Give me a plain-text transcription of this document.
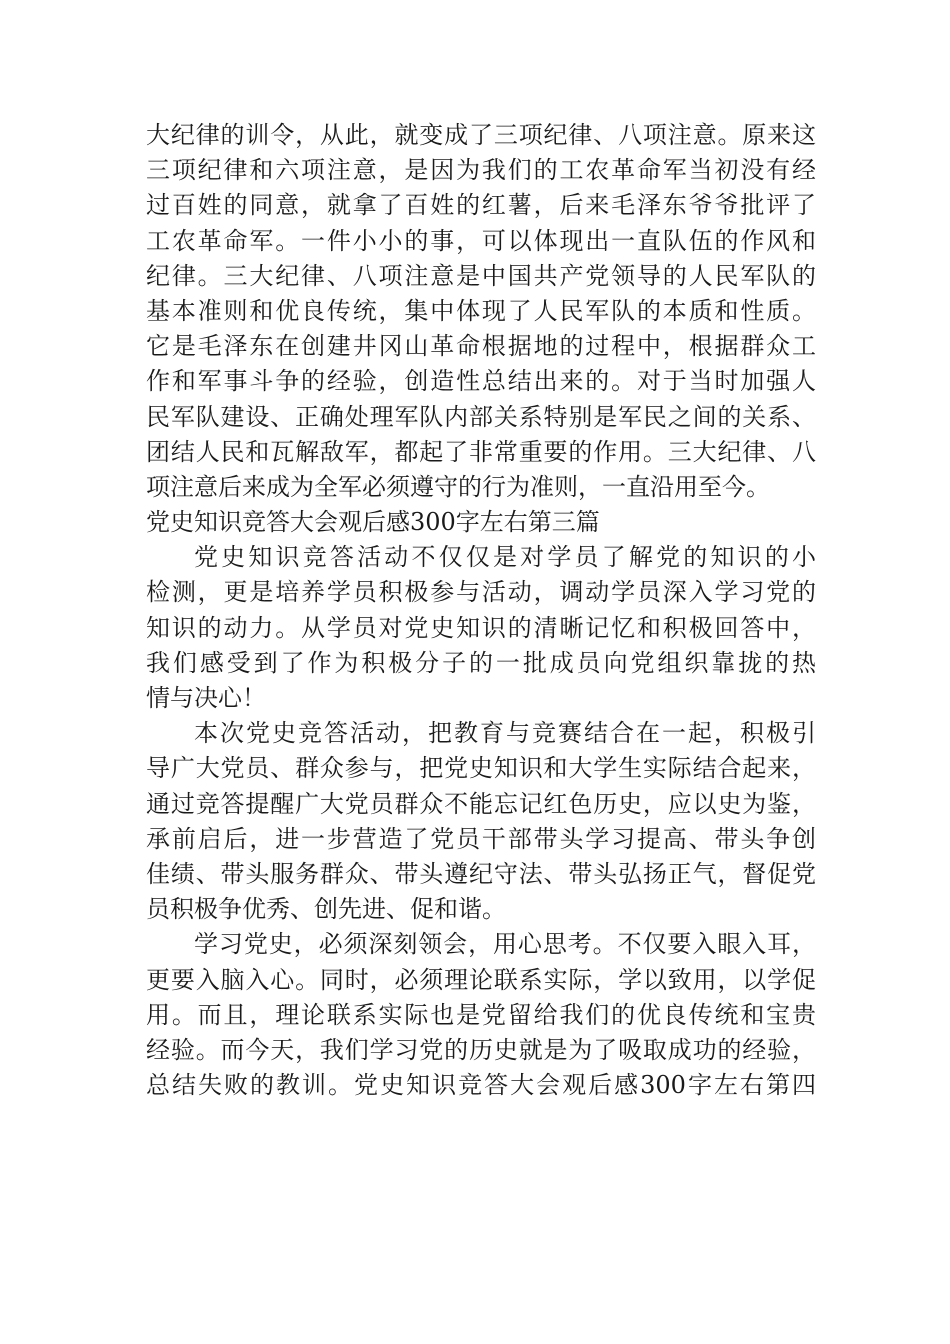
大纪律的训令，从此，就变成了三项纪律、八项注意。原来这
三项纪律和六项注意，是因为我们的工农革命军当初没有经
过百姓的同意，就拿了百姓的红薯，后来毛泽东爷爷批评了
工农革命军。一件小小的事，可以体现出一直队伍的作风和
纪律。三大纪律、八项注意是中国共产党领导的人民军队的
基本准则和优良传统，集中体现了人民军队的本质和性质。
它是毛泽东在创建井冈山革命根据地的过程中，根据群众工
作和军事斗争的经验，创造性总结出来的。对于当时加强人
民军队建设、正确处理军队内部关系特别是军民之间的关系、
团结人民和瓦解敌军，都起了非常重要的作用。三大纪律、八
项注意后来成为全军必须遵守的行为准则，一直沿用至今。
党史知识竞答大会观后感300字左右第三篇
党史知识竞答活动不仅仅是对学员了解党的知识的小
检测，更是培养学员积极参与活动，调动学员深入学习党的
知识的动力。从学员对党史知识的清晰记忆和积极回答中，
我们感受到了作为积极分子的一批成员向党组织靠拢的热
情与决心！
本次党史竞答活动，把教育与竞赛结合在一起，积极引
导广大党员、群众参与，把党史知识和大学生实际结合起来，
通过竞答提醒广大党员群众不能忘记红色历史，应以史为鉴，
承前启后，进一步营造了党员干部带头学习提高、带头争创
佳绩、带头服务群众、带头遵纪守法、带头弘扬正气，督促党
员积极争优秀、创先进、促和谐。
学习党史，必须深刻领会，用心思考。不仅要入眼入耳，
更要入脑入心。同时，必须理论联系实际，学以致用，以学促
用。而且，理论联系实际也是党留给我们的优良传统和宝贵
经验。而今天，我们学习党的历史就是为了吸取成功的经验，
总结失败的教训。党史知识竞答大会观后感300字左右第四
